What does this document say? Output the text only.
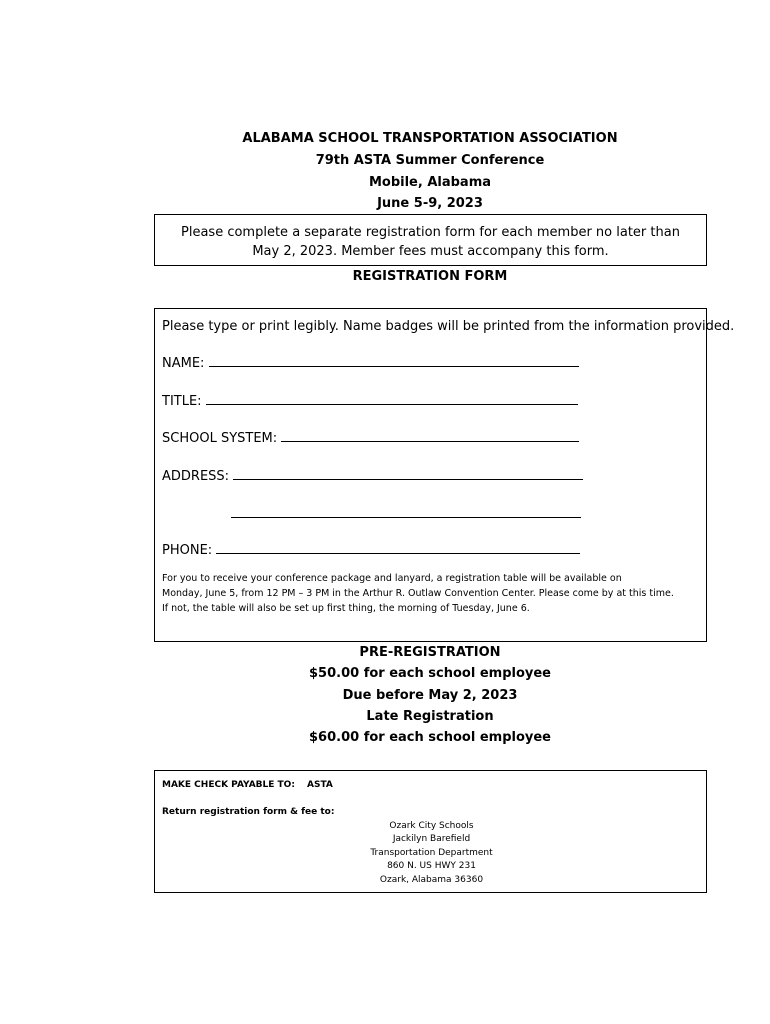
ALABAMA SCHOOL TRANSPORTATION ASSOCIATION
79th ASTA Summer Conference
Mobile, Alabama
June 5-9, 2023
Please complete a separate registration form for each member no later than
May 2, 2023. Member fees must accompany this form.
REGISTRATION FORM
Please type or print legibly. Name badges will be printed from the information provided.
NAME:
TITLE:
SCHOOL SYSTEM:
ADDRESS:
PHONE:
For you to receive your conference package and lanyard, a registration table will be available on
Monday, June 5, from 12 PM – 3 PM in the Arthur R. Outlaw Convention Center. Please come by at this time.
If not, the table will also be set up first thing, the morning of Tuesday, June 6.
PRE-REGISTRATION
$50.00 for each school employee
Due before May 2, 2023
Late Registration
$60.00 for each school employee
MAKE CHECK PAYABLE TO: ASTA
Return registration form & fee to:
Ozark City Schools
Jackilyn Barefield
Transportation Department
860 N. US HWY 231
Ozark, Alabama 36360
